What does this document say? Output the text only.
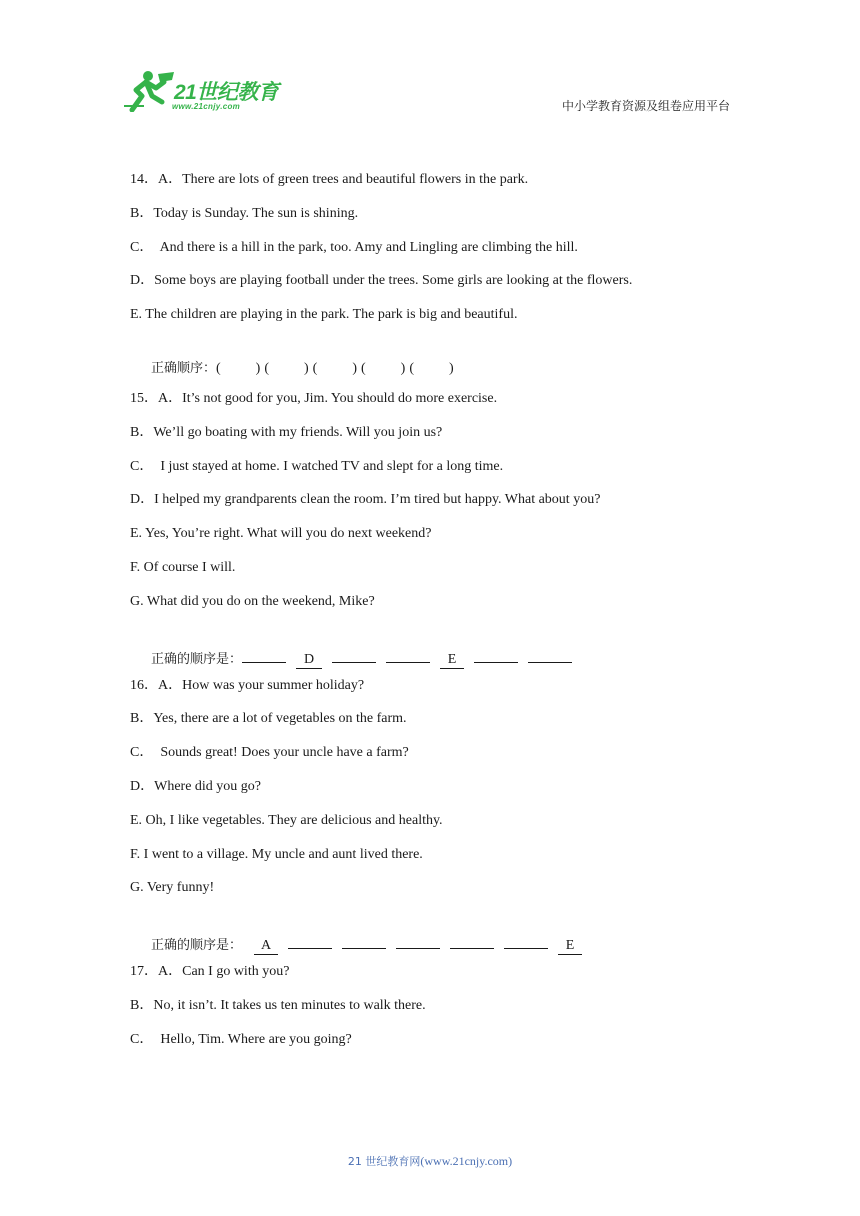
21世纪教育
www.21cnjy.com	中小学教育资源及组卷应用平台
14．A．There are lots of green trees and beautiful flowers in the park.
B．Today is Sunday. The sun is shining.
C．  And there is a hill in the park, too. Amy and Lingling are climbing the hill.
D．Some boys are playing football under the trees. Some girls are looking at the flowers.
E. The children are playing in the park. The park is big and beautiful.

正确顺序：(          ) (          ) (          ) (          ) (          )

15．A．It’s not good for you, Jim. You should do more exercise.
B．We’ll go boating with my friends. Will you join us?
C．  I just stayed at home. I watched TV and slept for a long time.
D．I helped my grandparents clean the room. I’m tired but happy. What about you?
E. Yes, You’re right. What will you do next weekend?
F. Of course I will.
G. What did you do on the weekend, Mike?

正确的顺序是：	D	E

16．A．How was your summer holiday?
B．Yes, there are a lot of vegetables on the farm.
C．  Sounds great! Does your uncle have a farm?
D．Where did you go?
E. Oh, I like vegetables. They are delicious and healthy.
F. I went to a village. My uncle and aunt lived there.
G. Very funny!

正确的顺序是： A	E

17．A．Can I go with you?
B．No, it isn’t. It takes us ten minutes to walk there.
C．  Hello, Tim. Where are you going?
21 世纪教育网(www.21cnjy.com)
